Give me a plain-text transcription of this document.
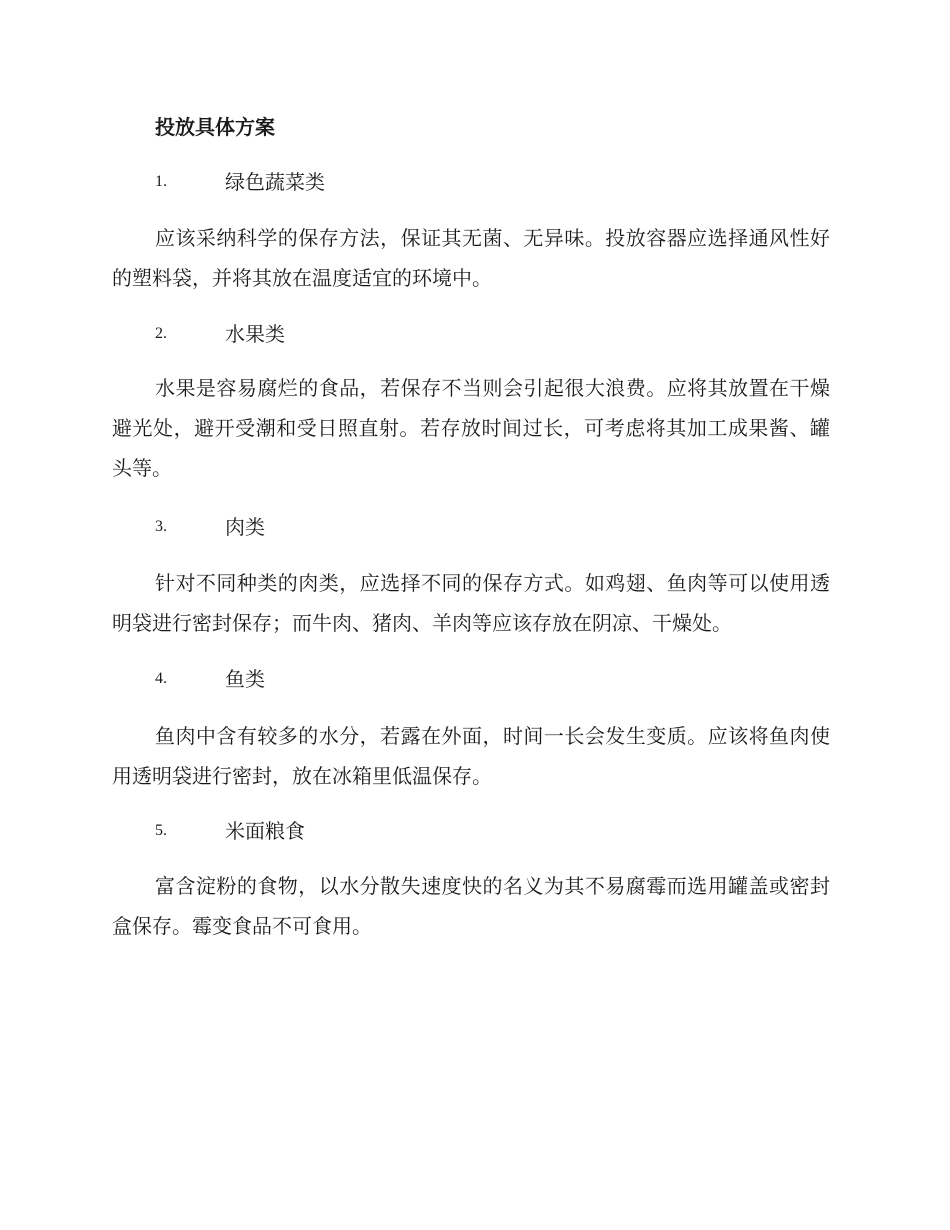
投放具体方案
1.	绿色蔬菜类

应该采纳科学的保存方法，保证其无菌、无异味。投放容器应选择通风性好的塑料袋，并将其放在温度适宜的环境中。

2.	水果类

水果是容易腐烂的食品，若保存不当则会引起很大浪费。应将其放置在干燥避光处，避开受潮和受日照直射。若存放时间过长，可考虑将其加工成果酱、罐头等。

3.	肉类

针对不同种类的肉类，应选择不同的保存方式。如鸡翅、鱼肉等可以使用透明袋进行密封保存；而牛肉、猪肉、羊肉等应该存放在阴凉、干燥处。

4.	鱼类

鱼肉中含有较多的水分，若露在外面，时间一长会发生变质。应该将鱼肉使用透明袋进行密封，放在冰箱里低温保存。

5.	米面粮食

富含淀粉的食物，以水分散失速度快的名义为其不易腐霉而选用罐盖或密封盒保存。霉变食品不可食用。
